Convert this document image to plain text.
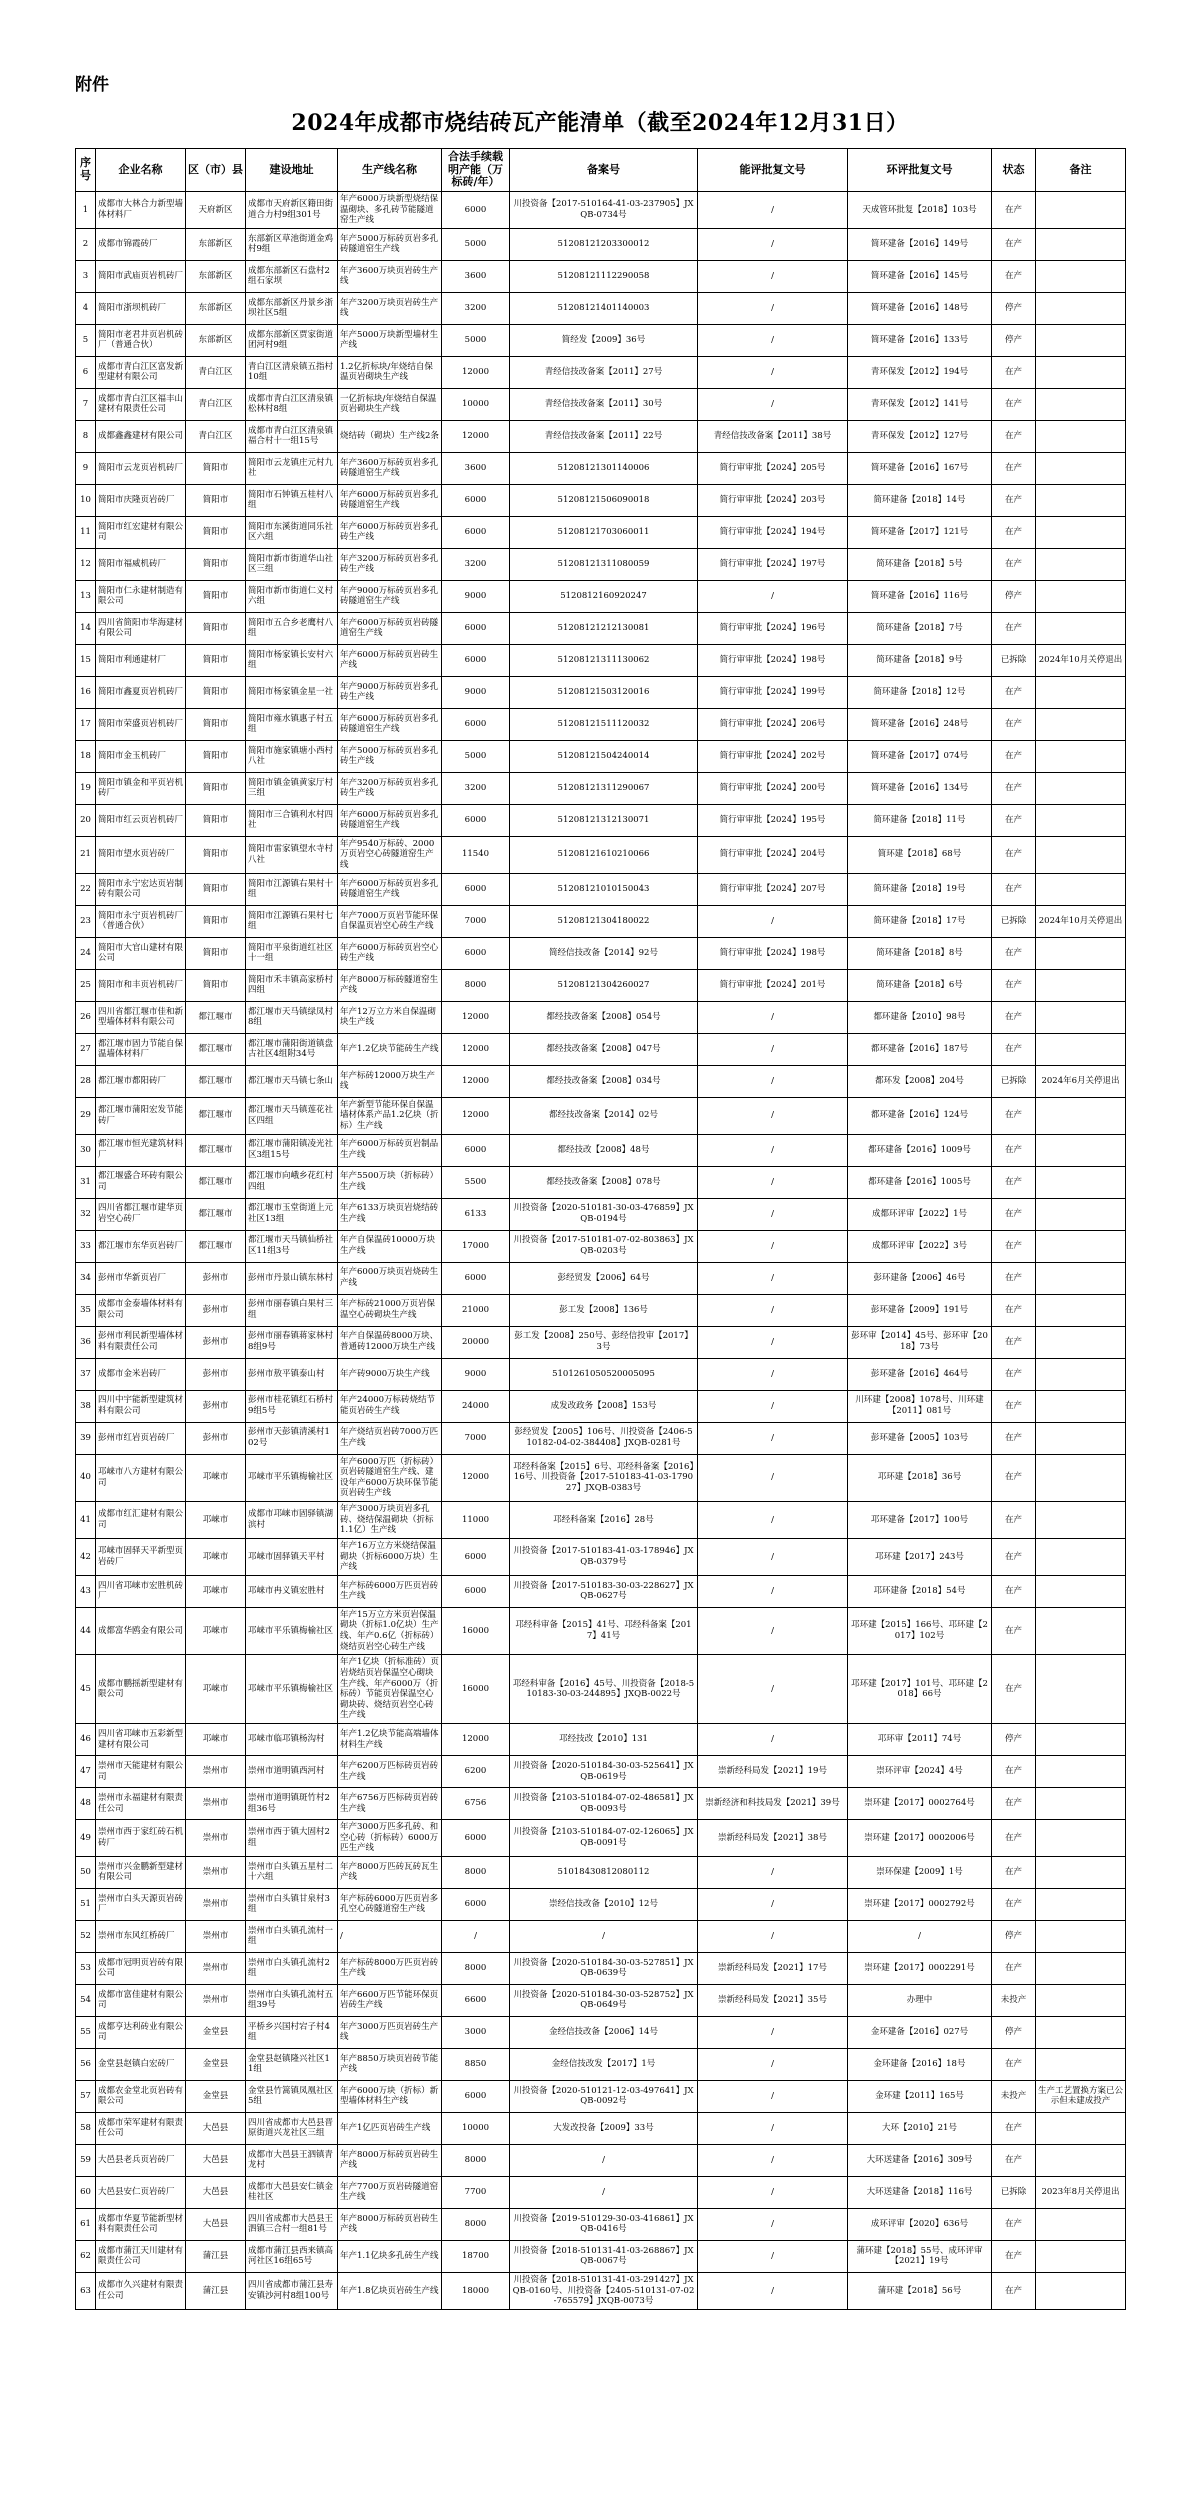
附件
2024年成都市烧结砖瓦产能清单（截至2024年12月31日）
序号	企业名称	区（市）县	建设地址	生产线名称	合法手续载明产能（万标砖/年）	备案号	能评批复文号	环评批复文号	状态	备注
1	成都市大林合力新型墙体材料厂	天府新区	成都市天府新区籍田街道合力村9组301号	年产6000万块新型烧结保温砌块、多孔砖节能隧道窑生产线	6000	川投资备【2017-510164-41-03-237905】JXQB-0734号	/	天成管环批复【2018】103号	在产	
2	成都市锦霞砖厂	东部新区	东部新区草池街道金鸡村9组	年产5000万标砖页岩多孔砖隧道窑生产线	5000	51208121203300012	/	简环建备【2016】149号	在产	
3	简阳市武庙页岩机砖厂	东部新区	成都东部新区石盘村2组石家坝	年产3600万块页岩砖生产线	3600	51208121112290058	/	简环建备【2016】145号	在产	
4	简阳市浙坝机砖厂	东部新区	成都东部新区丹景乡浙坝社区5组	年产3200万块页岩砖生产线	3200	51208121401140003	/	简环建备【2016】148号	停产	
5	简阳市老君井页岩机砖厂（普通合伙）	东部新区	成都东部新区贾家街道团河村9组	年产5000万块新型墙材生产线	5000	简经发【2009】36号	/	简环建备【2016】133号	停产	
6	成都市青白江区富发新型建材有限公司	青白江区	青白江区清泉镇五指村10组	1.2亿折标块/年烧结自保温页岩砌块生产线	12000	青经信技改备案【2011】27号	/	青环保发【2012】194号	在产	
7	成都市青白江区福丰山建材有限责任公司	青白江区	成都市青白江区清泉镇松林村8组	一亿折标块/年烧结自保温页岩砌块生产线	10000	青经信技改备案【2011】30号	/	青环保发【2012】141号	在产	
8	成都鑫鑫建材有限公司	青白江区	成都市青白江区清泉镇福合村十一组15号	烧结砖（砌块）生产线2条	12000	青经信技改备案【2011】22号	青经信技改备案【2011】38号	青环保发【2012】127号	在产	
9	简阳市云龙页岩机砖厂	简阳市	简阳市云龙镇庄元村九社	年产3600万标砖页岩多孔砖隧道窑生产线	3600	51208121301140006	简行审审批【2024】205号	简环建备【2016】167号	在产	
10	简阳市庆隆页岩砖厂	简阳市	简阳市石钟镇五桂村八组	年产6000万标砖页岩多孔砖隧道窑生产线	6000	51208121506090018	简行审审批【2024】203号	简环建备【2018】14号	在产	
11	简阳市红宏建材有限公司	简阳市	简阳市东溪街道同乐社区六组	年产6000万标砖页岩多孔砖生产线	6000	51208121703060011	简行审审批【2024】194号	简环建备【2017】121号	在产	
12	简阳市福威机砖厂	简阳市	简阳市新市街道华山社区三组	年产3200万标砖页岩多孔砖生产线	3200	51208121311080059	简行审审批【2024】197号	简环建备【2018】5号	在产	
13	简阳市仁永建材制造有限公司	简阳市	简阳市新市街道仁义村六组	年产9000万标砖页岩多孔砖隧道窑生产线	9000	5120812160920247	/	简环建备【2016】116号	停产	
14	四川省简阳市华海建材有限公司	简阳市	简阳市五合乡老鹰村八组	年产6000万标砖页岩砖隧道窑生产线	6000	51208121212130081	简行审审批【2024】196号	简环建备【2018】7号	在产	
15	简阳市利通建材厂	简阳市	简阳市杨家镇长安村六组	年产6000万标砖页岩砖生产线	6000	51208121311130062	简行审审批【2024】198号	简环建备【2018】9号	已拆除	2024年10月关停退出
16	简阳市鑫夏页岩机砖厂	简阳市	简阳市杨家镇金星一社	年产9000万标砖页岩多孔砖生产线	9000	51208121503120016	简行审审批【2024】199号	简环建备【2018】12号	在产	
17	简阳市荣盛页岩机砖厂	简阳市	简阳市雍水镇惠子村五组	年产6000万标砖页岩多孔砖隧道窑生产线	6000	51208121511120032	简行审审批【2024】206号	简环建备【2016】248号	在产	
18	简阳市金玉机砖厂	简阳市	简阳市施家镇塘小西村八社	年产5000万标砖页岩多孔砖生产线	5000	51208121504240014	简行审审批【2024】202号	简环建备【2017】074号	在产	
19	简阳市镇金和平页岩机砖厂	简阳市	简阳市镇金镇黄家厅村三组	年产3200万标砖页岩多孔砖生产线	3200	51208121311290067	简行审审批【2024】200号	简环建备【2016】134号	在产	
20	简阳市红云页岩机砖厂	简阳市	简阳市三合镇利水村四社	年产6000万标砖页岩多孔砖隧道窑生产线	6000	51208121312130071	简行审审批【2024】195号	简环建备【2018】11号	在产	
21	简阳市望水页岩砖厂	简阳市	简阳市雷家镇望水寺村八社	年产9540万标砖、2000万页岩空心砖隧道窑生产线	11540	51208121610210066	简行审审批【2024】204号	简环建【2018】68号	在产	
22	简阳市永宁宏达页岩制砖有限公司	简阳市	简阳市江源镇右果村十组	年产6000万标砖页岩多孔砖隧道窑生产线	6000	51208121010150043	简行审审批【2024】207号	简环建备【2018】19号	在产	
23	简阳市永宁页岩机砖厂（普通合伙）	简阳市	简阳市江源镇石果村七组	年产7000万页岩节能环保自保温页岩空心砖生产线	7000	51208121304180022	/	简环建备【2018】17号	已拆除	2024年10月关停退出
24	简阳市大官山建材有限公司	简阳市	简阳市平泉街道红社区十一组	年产6000万标砖页岩空心砖生产线	6000	简经信技改备【2014】92号	简行审审批【2024】198号	简环建备【2018】8号	在产	
25	简阳市和丰页岩机砖厂	简阳市	简阳市禾丰镇高家桥村四组	年产8000万标砖隧道窑生产线	8000	51208121304260027	简行审审批【2024】201号	简环建备【2018】6号	在产	
26	四川省都江堰市佳和新型墙体材料有限公司	都江堰市	都江堰市天马镇绿凤村8组	年产12万立方米自保温砌块生产线	12000	都经技改备案【2008】054号	/	都环建备【2010】98号	在产	
27	都江堰市固力节能自保温墙体材料厂	都江堰市	都江堰市蒲阳街道镇盘古社区4组附34号	年产1.2亿块节能砖生产线	12000	都经技改备案【2008】047号	/	都环建备【2016】187号	在产	
28	都江堰市都阳砖厂	都江堰市	都江堰市天马镇七条山	年产标砖12000万块生产线	12000	都经技改备案【2008】034号	/	都环发【2008】204号	已拆除	2024年6月关停退出
29	都江堰市蒲阳宏发节能砖厂	都江堰市	都江堰市天马镇莲花社区四组	年产新型节能环保自保温墙材体系产品1.2亿块（折标）生产线	12000	都经技改备案【2014】02号	/	都环建备【2016】124号	在产	
30	都江堰市恒光建筑材料厂	都江堰市	都江堰市蒲阳镇凌光社区3组15号	年产6000万标砖页岩制品生产线	6000	都经技改【2008】48号	/	都环建备【2016】1009号	在产	
31	都江堰盛合环砖有限公司	都江堰市	都江堰市向峨乡花红村四组	年产5500万块（折标砖）生产线	5500	都经技改备案【2008】078号	/	都环建备【2016】1005号	在产	
32	四川省都江堰市建华页岩空心砖厂	都江堰市	都江堰市玉堂街道上元社区13组	年产6133万块页岩烧结砖生产线	6133	川投资备【2020-510181-30-03-476859】JXQB-0194号	/	成都环评审【2022】1号	在产	
33	都江堰市东华页岩砖厂	都江堰市	都江堰市天马镇仙桥社区11组3号	年产自保温砖10000万块生产线	17000	川投资备【2017-510181-07-02-803863】JXQB-0203号	/	成都环评审【2022】3号	在产	
34	彭州市华新页岩厂	彭州市	彭州市丹景山镇东林村	年产6000万块页岩烧砖生产线	6000	彭经贸发【2006】64号	/	彭环建备【2006】46号	在产	
35	成都市金泰墙体材料有限公司	彭州市	彭州市丽春镇白果村三组	年产标砖21000万页岩保温空心砖砌块生产线	21000	彭工发【2008】136号	/	彭环建备【2009】191号	在产	
36	彭州市利民新型墙体材料有限责任公司	彭州市	彭州市丽春镇蒋家林村8组9号	年产自保温砖8000万块、普通砖12000万块生产线	20000	彭工发【2008】250号、彭经信投审【2017】3号	/	彭环审【2014】45号、彭环审【2018】73号	在产	
37	成都市金米岩砖厂	彭州市	彭州市敖平镇泰山村	年产砖9000万块生产线	9000	5101261050520005095	/	彭环建备【2016】464号	在产	
38	四川中宇能新型建筑材料有限公司	彭州市	彭州市桂花镇红石桥村9组5号	年产24000万标砖烧结节能页岩砖生产线	24000	成发改政务【2008】153号	/	川环建【2008】1078号、川环建【2011】081号	在产	
39	彭州市红岩页岩砖厂	彭州市	彭州市天彭镇清溪村102号	年产烧结页岩砖7000万匹生产线	7000	彭经贸发【2005】106号、川投资备【2406-510182-04-02-384408】JXQB-0281号	/	彭环建备【2005】103号	在产	
40	邛崃市八方建材有限公司	邛崃市	邛崃市平乐镇梅榆社区	年产6000万匹（折标砖）页岩砖隧道窑生产线、建设年产6000万块环保节能页岩砖生产线	12000	邛经科备案【2015】6号、邛经科备案【2016】16号、川投资备【2017-510183-41-03-179027】JXQB-0383号	/	邛环建【2018】36号	在产	
41	成都市红汇建材有限公司	邛崃市	成都市邛崃市固驿镇湖滨村	年产3000万块页岩多孔砖、烧结保温砌块（折标1.1亿）生产线	11000	邛经科备案【2016】28号	/	邛环建备【2017】100号	在产	
42	邛崃市固驿天平新型页岩砖厂	邛崃市	邛崃市固驿镇天平村	年产16万立方米烧结保温砌块（折标6000万块）生产线	6000	川投资备【2017-510183-41-03-178946】JXQB-0379号	/	邛环建【2017】243号	在产	
43	四川省邛崃市宏胜机砖厂	邛崃市	邛崃市冉义镇宏胜村	年产标砖6000万匹页岩砖生产线	6000	川投资备【2017-510183-30-03-228627】JXQB-0627号	/	邛环建备【2018】54号	在产	
44	成都富华鸥金有限公司	邛崃市	邛崃市平乐镇梅榆社区	年产15万立方米页岩保温砌块（折标1.0亿块）生产线、年产0.6亿（折标砖）烧结页岩空心砖生产线	16000	邛经科审备【2015】41号、邛经科备案【2017】41号	/	邛环建【2015】166号、邛环建【2017】102号	在产	
45	成都市鹏摇新型建材有限公司	邛崃市	邛崃市平乐镇梅榆社区	年产1亿块（折标准砖）页岩烧结页岩保温空心砌块生产线、年产6000万（折标砖）节能页岩保温空心砌块砖、烧结页岩空心砖生产线	16000	邛经科审备【2016】45号、川投资备【2018-510183-30-03-244895】JXQB-0022号	/	邛环建【2017】101号、邛环建【2018】66号	在产	
46	四川省邛崃市五彩新型建材有限公司	邛崃市	邛崃市临邛镇杨沟村	年产1.2亿块节能高端墙体材料生产线	12000	邛经技改【2010】131	/	邛环审【2011】74号	停产	
47	崇州市天能建材有限公司	崇州市	崇州市道明镇西河村	年产6200万匹标砖页岩砖生产线	6200	川投资备【2020-510184-30-03-525641】JXQB-0619号	崇新经科局发【2021】19号	崇环评审【2024】4号	在产	
48	崇州市永福建材有限责任公司	崇州市	崇州市道明镇斑竹村2组36号	年产6756万匹标砖页岩砖生产线	6756	川投资备【2103-510184-07-02-486581】JXQB-0093号	崇新经济和科技局发【2021】39号	崇环建【2017】0002764号	在产	
49	崇州市西于家红砖石机砖厂	崇州市	崇州市西于镇大固村2组	年产3000万匹多孔砖、和空心砖（折标砖）6000万匹生产线	6000	川投资备【2103-510184-07-02-126065】JXQB-0091号	崇新经科局发【2021】38号	崇环建【2017】0002006号	在产	
50	崇州市兴金鹏新型建材有限公司	崇州市	崇州市白头镇五星村二十六组	年产8000万匹砖瓦砖瓦生产线	8000	51018430812080112	/	崇环保建【2009】1号	在产	
51	崇州市白头天源页岩砖厂	崇州市	崇州市白头镇甘泉村3组	年产标砖6000万匹页岩多孔空心砖隧道窑生产线	6000	崇经信技改备【2010】12号	/	崇环建【2017】0002792号	在产	
52	崇州市东风红桥砖厂	崇州市	崇州市白头镇孔流村一组	/	/	/	/	/	停产	
53	成都市冠明页岩砖有限公司	崇州市	崇州市白头镇孔流村2组	年产标砖8000万匹页岩砖生产线	8000	川投资备【2020-510184-30-03-527851】JXQB-0639号	崇新经科局发【2021】17号	崇环建【2017】0002291号	在产	
54	成都市富佳建材有限公司	崇州市	崇州市白头镇孔流村五组39号	年产6600万匹节能环保页岩砖生产线	6600	川投资备【2020-510184-30-03-528752】JXQB-0649号	崇新经科局发【2021】35号	办理中	未投产	
55	成都亨达利砖业有限公司	金堂县	平桥乡兴国村宕子村4组	年产3000万匹页岩砖生产线	3000	金经信技改备【2006】14号	/	金环建备【2016】027号	停产	
56	金堂县赵镇白宏砖厂	金堂县	金堂县赵镇隆兴社区11组	年产8850万块页岩砖节能产线	8850	金经信技改发【2017】1号	/	金环建备【2016】18号	在产	
57	成都农金堂北页岩砖有限公司	金堂县	金堂县竹篙镇凤凰社区5组	年产6000万块（折标）新型墙体材料生产线	6000	川投资备【2020-510121-12-03-497641】JXQB-0092号	/	金环建【2011】165号	未投产	生产工艺置换方案已公示但未建成投产
58	成都市荣军建材有限责任公司	大邑县	四川省成都市大邑县晋原街道兴龙社区三组	年产1亿匹页岩砖生产线	10000	大发改投备【2009】33号	/	大环【2010】21号	在产	
59	大邑县老兵页岩砖厂	大邑县	成都市大邑县王泗镇青龙村	年产8000万标砖页岩砖生产线	8000	/	/	大环送建备【2016】309号	在产	
60	大邑县安仁页岩砖厂	大邑县	成都市大邑县安仁镇金桂社区	年产7700万页岩砖隧道窑生产线	7700	/	/	大环送建备【2018】116号	已拆除	2023年8月关停退出
61	成都市华夏节能新型材料有限责任公司	大邑县	四川省成都市大邑县王泗镇三合村一组81号	年产8000万标砖页岩砖生产线	8000	川投资备【2019-510129-30-03-416861】JXQB-0416号	/	成环评审【2020】636号	在产	
62	成都市蒲江天川建材有限责任公司	蒲江县	成都市蒲江县西来镇高河社区16组65号	年产1.1亿块多孔砖生产线	18700	川投资备【2018-510131-41-03-268867】JXQB-0067号	/	蒲环建【2018】55号、成环评审【2021】19号	在产	
63	成都市久兴建材有限责任公司	蒲江县	四川省成都市蒲江县寿安镇沙河村8组100号	年产1.8亿块页岩砖生产线	18000	川投资备【2018-510131-41-03-291427】JXQB-0160号、川投资备【2405-510131-07-02-765579】JXQB-0073号	/	蒲环建【2018】56号	在产	
